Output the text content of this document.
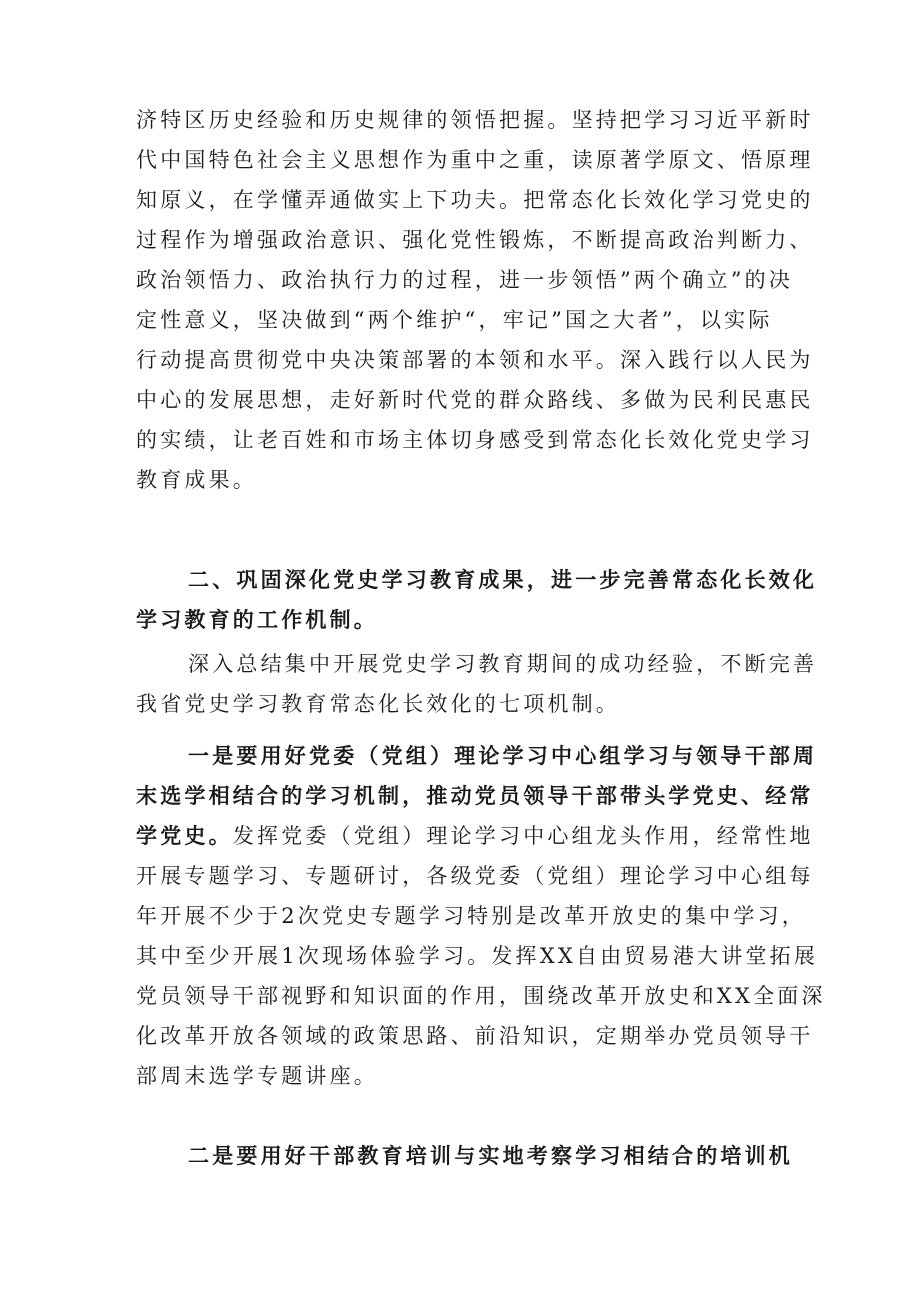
济特区历史经验和历史规律的领悟把握。坚持把学习习近平新时
代中国特色社会主义思想作为重中之重，读原著学原文、悟原理
知原义，在学懂弄通做实上下功夫。把常态化长效化学习党史的
过程作为增强政治意识、强化党性锻炼，不断提高政治判断力、
政治领悟力、政治执行力的过程，进一步领悟”两个确立”的决
定性意义，坚决做到“两个维护“，牢记”国之大者”，以实际
行动提高贯彻党中央决策部署的本领和水平。深入践行以人民为
中心的发展思想，走好新时代党的群众路线、多做为民利民惠民
的实绩，让老百姓和市场主体切身感受到常态化长效化党史学习
教育成果。
二、巩固深化党史学习教育成果，进一步完善常态化长效化
学习教育的工作机制。
深入总结集中开展党史学习教育期间的成功经验，不断完善
我省党史学习教育常态化长效化的七项机制。
一是要用好党委（党组）理论学习中心组学习与领导干部周
末选学相结合的学习机制，推动党员领导干部带头学党史、经常
学党史。发挥党委（党组）理论学习中心组龙头作用，经常性地
开展专题学习、专题研讨，各级党委（党组）理论学习中心组每
年开展不少于2次党史专题学习特别是改革开放史的集中学习，
其中至少开展1次现场体验学习。发挥XX自由贸易港大讲堂拓展
党员领导干部视野和知识面的作用，围绕改革开放史和XX全面深
化改革开放各领域的政策思路、前沿知识，定期举办党员领导干
部周末选学专题讲座。
二是要用好干部教育培训与实地考察学习相结合的培训机
